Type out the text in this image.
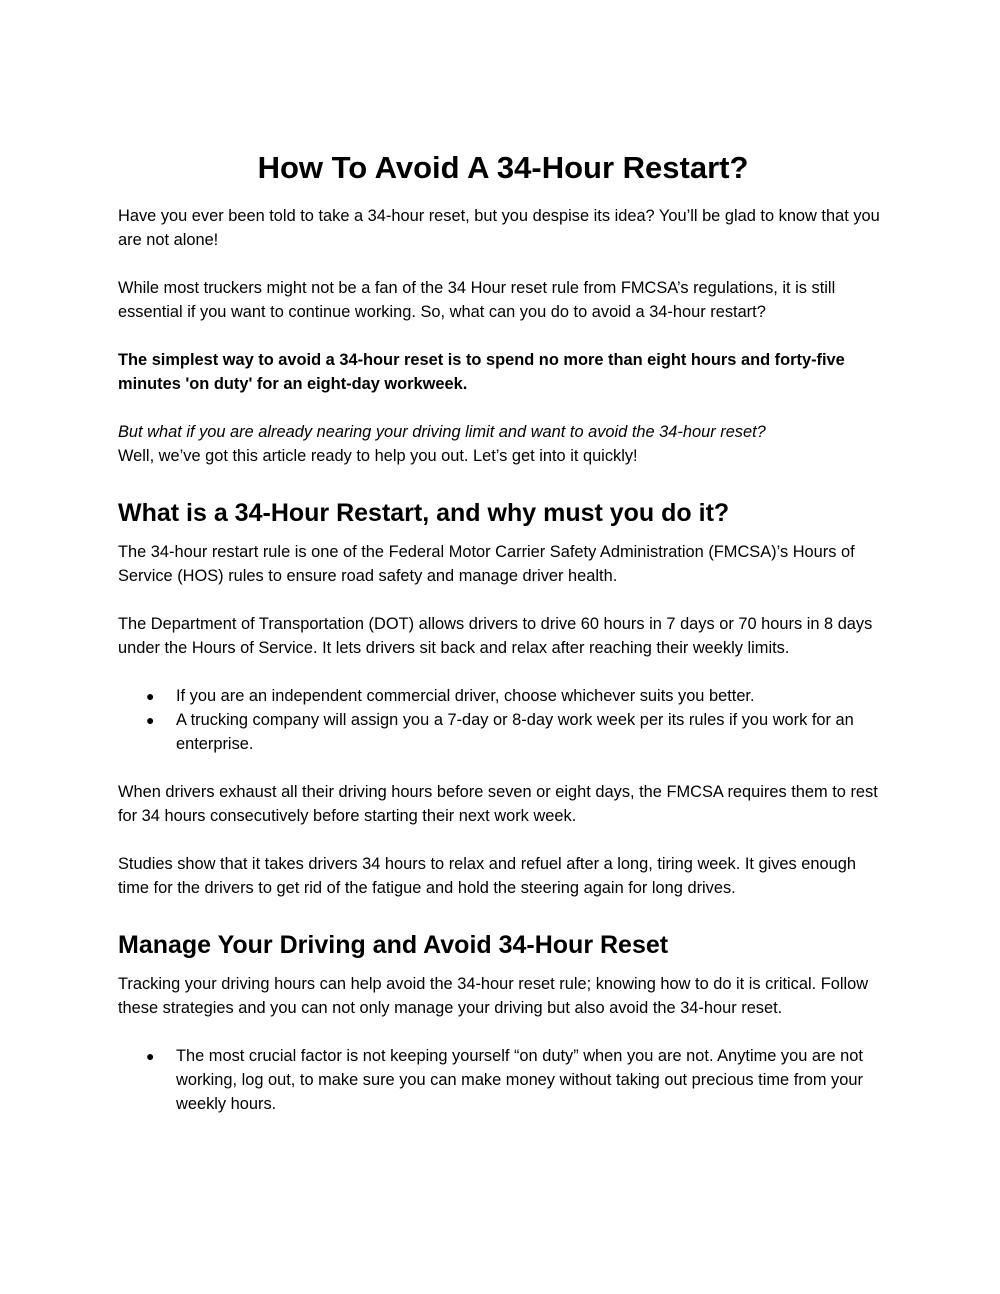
How To Avoid A 34-Hour Restart?

Have you ever been told to take a 34-hour reset, but you despise its idea? You’ll be glad to know that you are not alone!

While most truckers might not be a fan of the 34 Hour reset rule from FMCSA’s regulations, it is still essential if you want to continue working. So, what can you do to avoid a 34-hour restart?

The simplest way to avoid a 34-hour reset is to spend no more than eight hours and forty-five minutes 'on duty' for an eight-day workweek.

But what if you are already nearing your driving limit and want to avoid the 34-hour reset?
Well, we’ve got this article ready to help you out. Let’s get into it quickly!

What is a 34-Hour Restart, and why must you do it?

The 34-hour restart rule is one of the Federal Motor Carrier Safety Administration (FMCSA)’s Hours of Service (HOS) rules to ensure road safety and manage driver health.

The Department of Transportation (DOT) allows drivers to drive 60 hours in 7 days or 70 hours in 8 days under the Hours of Service. It lets drivers sit back and relax after reaching their weekly limits.

● If you are an independent commercial driver, choose whichever suits you better.
● A trucking company will assign you a 7-day or 8-day work week per its rules if you work for an enterprise.

When drivers exhaust all their driving hours before seven or eight days, the FMCSA requires them to rest for 34 hours consecutively before starting their next work week.

Studies show that it takes drivers 34 hours to relax and refuel after a long, tiring week. It gives enough time for the drivers to get rid of the fatigue and hold the steering again for long drives.

Manage Your Driving and Avoid 34-Hour Reset

Tracking your driving hours can help avoid the 34-hour reset rule; knowing how to do it is critical. Follow these strategies and you can not only manage your driving but also avoid the 34-hour reset.

● The most crucial factor is not keeping yourself “on duty” when you are not. Anytime you are not working, log out, to make sure you can make money without taking out precious time from your weekly hours.
